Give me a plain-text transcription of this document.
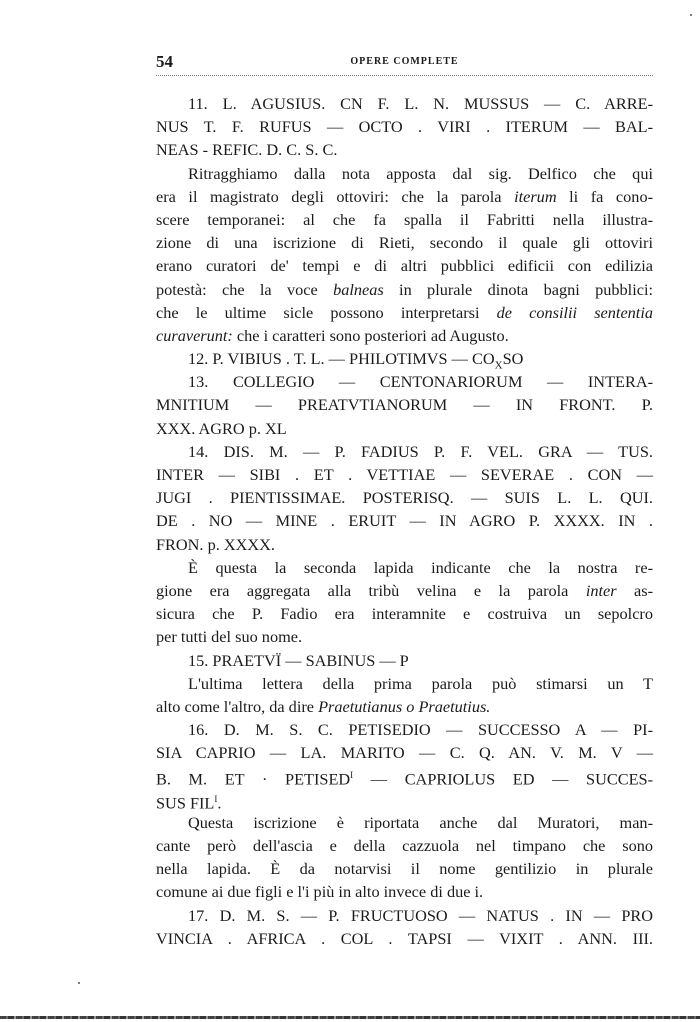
54	OPERE COMPLETE
11. L. AGUSIUS. CN F. L. N. MUSSUS — C. ARRE-
NUS T. F. RUFUS — OCTO . VIRI . ITERUM — BAL-
NEAS - REFIC. D. C. S. C.
Ritragghiamo dalla nota apposta dal sig. Delfico che qui
era il magistrato degli ottoviri: che la parola iterum li fa cono-
scere temporanei: al che fa spalla il Fabritti nella illustra-
zione di una iscrizione di Rieti, secondo il quale gli ottoviri
erano curatori de' tempi e di altri pubblici edificii con edilizia
potestà: che la voce balneas in plurale dinota bagni pubblici:
che le ultime sicle possono interpretarsi de consilii sententia
curaverunt: che i caratteri sono posteriori ad Augusto.
12. P. VIBIUS . T. L. — PHILOTIMVS — $CO_XSO$
13. COLLEGIO — CENTONARIORUM — INTERA-
MNITIUM — PREATVTIANORUM — IN FRONT. P.
XXX. AGRO p. XL
14. DIS. M. — P. FADIUS P. F. VEL. GRA — TUS.
INTER — SIBI . ET . VETTIAE — SEVERAE . CON —
JUGI . PIENTISSIMAE. POSTERISQ. — SUIS L. L. QUI.
DE . NO — MINE . ERUIT — IN AGRO P. XXXX. IN .
FRON. p. XXXX.
È questa la seconda lapida indicante che la nostra re-
gione era aggregata alla tribù velina e la parola inter as-
sicura che P. Fadio era interamnite e costruiva un sepolcro
per tutti del suo nome.
15. PRAETVÏ — SABINUS — P
L'ultima lettera della prima parola può stimarsi un T
alto come l'altro, da dire Praetutianus o Praetutius.
16. D. M. S. C. PETISEDIO — SUCCESSO A — PI-
SIA CAPRIO — LA. MARITO — C. Q. AN. V. M. V —
B. M. ET · $PETISED^I$ — CAPRIOLUS ED — SUCCES-
SUS $FIL^I$.
Questa iscrizione è riportata anche dal Muratori, man-
cante però dell'ascia e della cazzuola nel timpano che sono
nella lapida. È da notarvisi il nome gentilizio in plurale
comune ai due figli e l'i più in alto invece di due i.
17. D. M. S. — P. FRUCTUOSO — NATUS . IN — PRO
VINCIA . AFRICA . COL . TAPSI — VIXIT . ANN. III.
